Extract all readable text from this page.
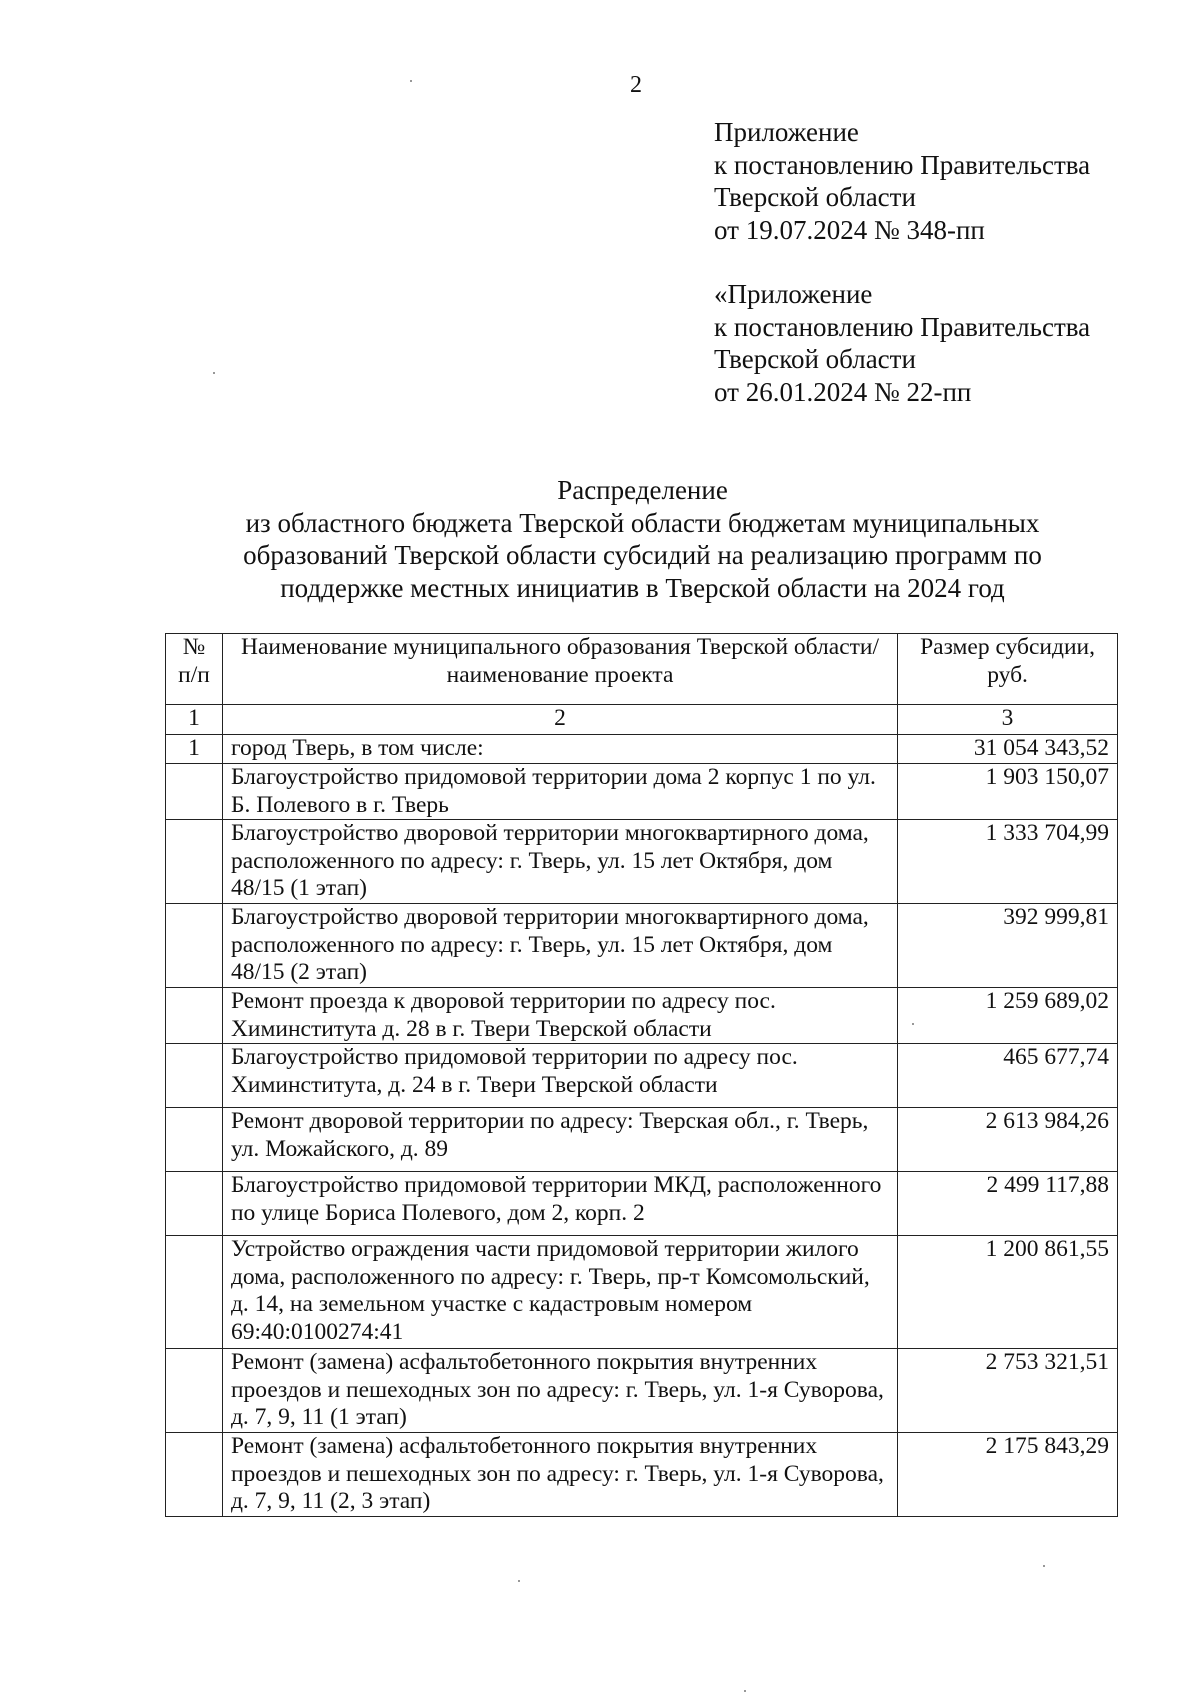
2
Приложение
к постановлению Правительства
Тверской области
от 19.07.2024 № 348-пп
«Приложение
к постановлению Правительства
Тверской области
от 26.01.2024 № 22-пп
Распределение
из областного бюджета Тверской области бюджетам муниципальных
образований Тверской области субсидий на реализацию программ по
поддержке местных инициатив в Тверской области на 2024 год
№ п/п	Наименование муниципального образования Тверской области/наименование проекта	Размер субсидии, руб.
1	2	3
1	город Тверь, в том числе:	31 054 343,52
	Благоустройство придомовой территории дома 2 корпус 1 по ул. Б. Полевого в г. Тверь	1 903 150,07
	Благоустройство дворовой территории многоквартирного дома, расположенного по адресу: г. Тверь, ул. 15 лет Октября, дом 48/15 (1 этап)	1 333 704,99
	Благоустройство дворовой территории многоквартирного дома, расположенного по адресу: г. Тверь, ул. 15 лет Октября, дом 48/15 (2 этап)	392 999,81
	Ремонт проезда к дворовой территории по адресу пос. Химинститута д. 28 в г. Твери Тверской области	1 259 689,02
	Благоустройство придомовой территории по адресу пос. Химинститута, д. 24 в г. Твери Тверской области	465 677,74
	Ремонт дворовой территории по адресу: Тверская обл., г. Тверь, ул. Можайского, д. 89	2 613 984,26
	Благоустройство придомовой территории МКД, расположенного по улице Бориса Полевого, дом 2, корп. 2	2 499 117,88
	Устройство ограждения части придомовой территории жилого дома, расположенного по адресу: г. Тверь, пр-т Комсомольский, д. 14, на земельном участке с кадастровым номером 69:40:0100274:41	1 200 861,55
	Ремонт (замена) асфальтобетонного покрытия внутренних проездов и пешеходных зон по адресу: г. Тверь, ул. 1-я Суворова, д. 7, 9, 11 (1 этап)	2 753 321,51
	Ремонт (замена) асфальтобетонного покрытия внутренних проездов и пешеходных зон по адресу: г. Тверь, ул. 1-я Суворова, д. 7, 9, 11 (2, 3 этап)	2 175 843,29
